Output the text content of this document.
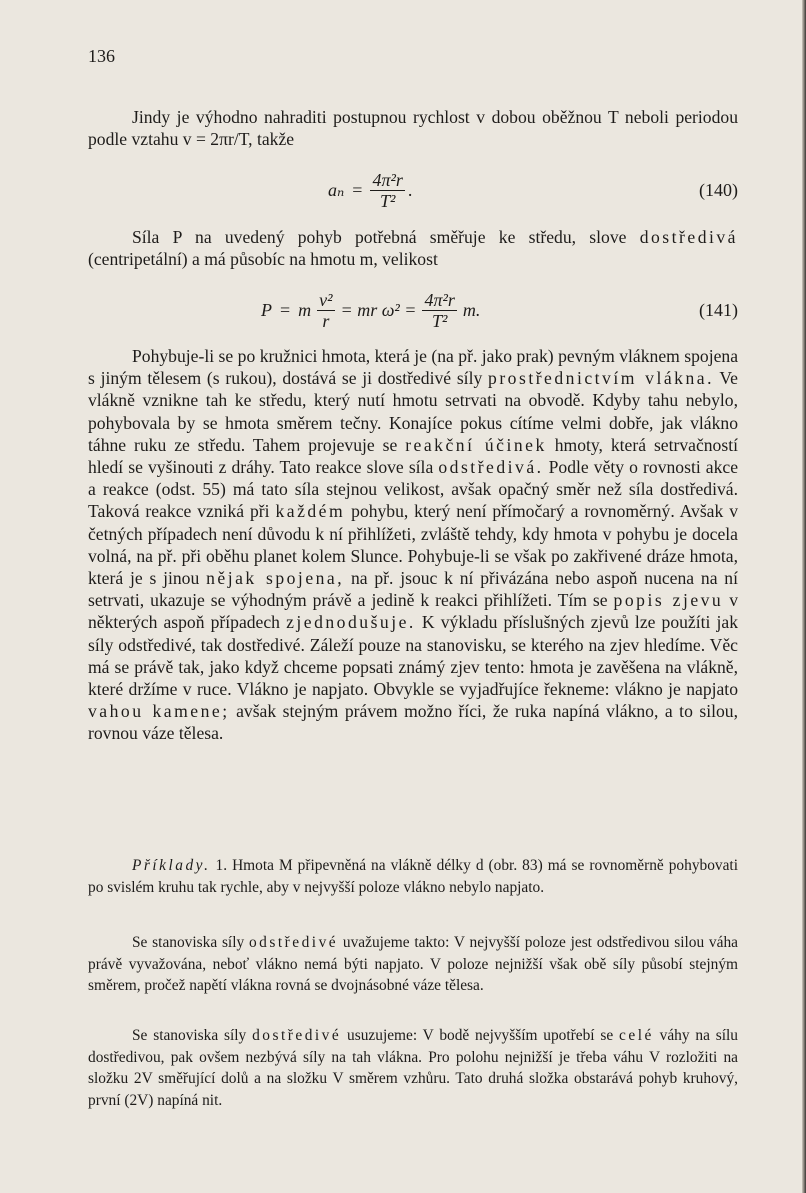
136

Jindy je výhodno nahraditi postupnou rychlost v dobou oběžnou T neboli periodou podle vztahu v = 2πr/T, takže

$a_n = \frac{\text{4π²r}}{\text{T²}}$ .	(140)

Síla P na uvedený pohyb potřebná směřuje ke středu, slove dostředivá (centripetální) a má působíc na hmotu m, velikost

P = m $\frac{\text{v²}}{r}$ = mr $\omega^2 = \frac{\text{4π²r}}{\text{T²}} m$.	(141)

Pohybuje-li se po kružnici hmota, která je (na př. jako prak) pevným vláknem spojena s jiným tělesem (s rukou), dostává se ji dostředivé síly prostřednictvím vlákna. Ve vlákně vznikne tah ke středu, který nutí hmotu setrvati na obvodě. Kdyby tahu nebylo, pohybovala by se hmota směrem tečny. Konajíce pokus cítíme velmi dobře, jak vlákno táhne ruku ze středu. Tahem projevuje se reakční účinek hmoty, která setrvačností hledí se vyšinouti z dráhy. Tato reakce slove síla odstředivá. Podle věty o rovnosti akce a reakce (odst. 55) má tato síla stejnou velikost, avšak opačný směr než síla dostředivá. Taková reakce vzniká při každém pohybu, který není přímočarý a rovnoměrný. Avšak v četných případech není důvodu k ní přihlížeti, zvláště tehdy, kdy hmota v pohybu je docela volná, na př. při oběhu planet kolem Slunce. Pohybuje-li se však po zakřivené dráze hmota, která je s jinou nějak spojena, na př. jsouc k ní přivázána nebo aspoň nucena na ní setrvati, ukazuje se výhodným právě a jedině k reakci přihlížeti. Tím se popis zjevu v některých aspoň případech zjednodušuje. K výkladu příslušných zjevů lze použíti jak síly odstředivé, tak dostředivé. Záleží pouze na stanovisku, se kterého na zjev hledíme. Věc má se právě tak, jako když chceme popsati známý zjev tento: hmota je zavěšena na vlákně, které držíme v ruce. Vlákno je napjato. Obvykle se vyjadřujíce řekneme: vlákno je napjato vahou kamene; avšak stejným právem možno říci, že ruka napíná vlákno, a to silou, rovnou váze tělesa.

Příklady. 1. Hmota M připevněná na vlákně délky d (obr. 83) má se rovnoměrně pohybovati po svislém kruhu tak rychle, aby v nejvyšší poloze vlákno nebylo napjato.

Se stanoviska síly odstředivé uvažujeme takto: V nejvyšší poloze jest odstředivou silou váha právě vyvažována, neboť vlákno nemá býti napjato. V poloze nejnižší však obě síly působí stejným směrem, pročež napětí vlákna rovná se dvojnásobné váze tělesa.

Se stanoviska síly dostředivé usuzujeme: V bodě nejvyšším upotřebí se celé váhy na sílu dostředivou, pak ovšem nezbývá síly na tah vlákna. Pro polohu nejnižší je třeba váhu V rozložiti na složku 2V směřující dolů a na složku V směrem vzhůru. Tato druhá složka obstarává pohyb kruhový, první (2V) napíná nit.
